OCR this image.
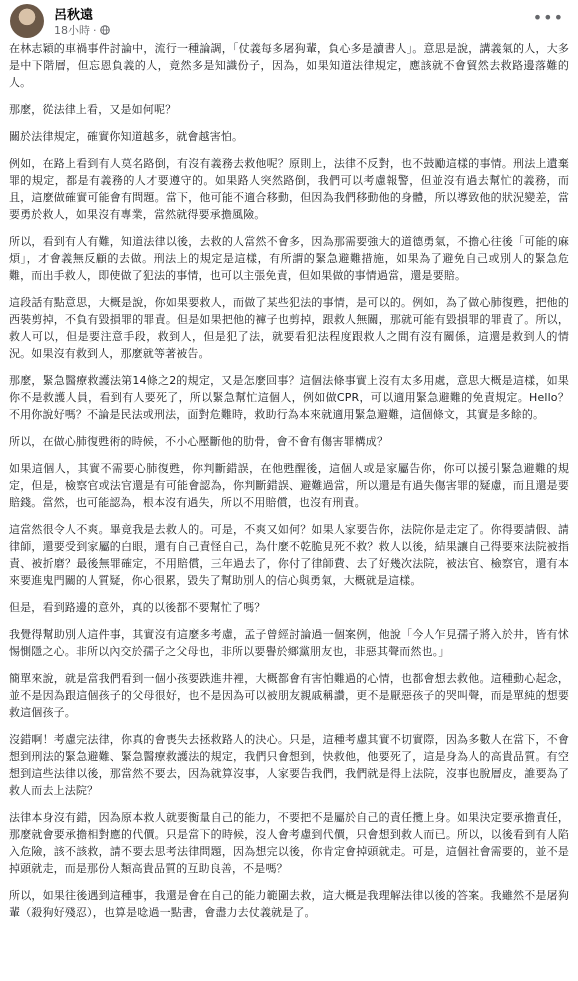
呂秋遠
18小時 ·
•••

在林志穎的車禍事件討論中，流行一種論調，「仗義每多屠狗輩，負心多是讀書人」。意思是說，講義氣的人，大多是中下階層，但忘恩負義的人，竟然多是知識份子，因為，如果知道法律規定，應該就不會貿然去救路邊落難的人。

那麼，從法律上看，又是如何呢？

關於法律規定，確實你知道越多，就會越害怕。

例如，在路上看到有人莫名路倒，有沒有義務去救他呢？原則上，法律不反對，也不鼓勵這樣的事情。刑法上遺棄罪的規定，都是有義務的人才要遵守的。如果路人突然路倒，我們可以考慮報警，但並沒有過去幫忙的義務，而且，這麼做確實可能會有問題。當下，他可能不適合移動，但因為我們移動他的身體，所以導致他的狀況變差，當要勇於救人，如果沒有專業，當然就得要承擔風險。

所以，看到有人有難，知道法律以後，去救的人當然不會多，因為那需要強大的道德勇氣，不擔心往後「可能的麻煩」，才會義無反顧的去做。刑法上的規定是這樣，有所謂的緊急避難措施，如果為了避免自己或別人的緊急危難，而出手救人，即使做了犯法的事情，也可以主張免責，但如果做的事情過當，還是要賠。

這段話有點意思，大概是說，你如果要救人，而做了某些犯法的事情，是可以的。例如，為了做心肺復甦，把他的西裝剪掉，不負有毀損罪的罪責。但是如果把他的褲子也剪掉，跟救人無關，那就可能有毀損罪的罪責了。所以，救人可以，但是要注意手段，救到人，但是犯了法，就要看犯法程度跟救人之間有沒有關係，這還是救到人的情況。如果沒有救到人，那麼就等著被告。

那麼，緊急醫療救護法第14條之2的規定，又是怎麼回事？這個法條事實上沒有太多用處，意思大概是這樣，如果你不是救護人員，看到有人要死了，所以緊急幫忙這個人，例如做CPR，可以適用緊急避難的免責規定。Hello？不用你說好嗎？不論是民法或刑法，面對危難時，救助行為本來就適用緊急避難，這個條文，其實是多餘的。

所以，在做心肺復甦術的時候，不小心壓斷他的肋骨，會不會有傷害罪構成？

如果這個人，其實不需要心肺復甦，你判斷錯誤，在他甦醒後，這個人或是家屬告你，你可以援引緊急避難的規定，但是，檢察官或法官還是有可能會認為，你判斷錯誤、避難過當，所以還是有過失傷害罪的疑慮，而且還是要賠錢。當然，也可能認為，根本沒有過失，所以不用賠償，也沒有刑責。

這當然很令人不爽。畢竟我是去救人的。可是，不爽又如何？如果人家要告你，法院你是走定了。你得要請假、請律師，還要受到家屬的白眼，還有自己責怪自己，為什麼不乾脆見死不救？救人以後，結果讓自己得要來法院被指責、被折磨？最後無罪確定，不用賠償，三年過去了，你付了律師費、去了好幾次法院，被法官、檢察官，還有本來要進鬼門關的人質疑，你心很累，毀失了幫助別人的信心與勇氣，大概就是這樣。

但是，看到路邊的意外，真的以後都不要幫忙了嗎？

我覺得幫助別人這件事，其實沒有這麼多考慮，孟子曾經討論過一個案例，他說「今人乍見孺子將入於井，皆有怵惕惻隱之心。非所以內交於孺子之父母也，非所以要譽於鄉黨朋友也，非惡其聲而然也。」

簡單來說，就是當我們看到一個小孩要跌進井裡，大概都會有害怕難過的心情，也都會想去救他。這種動心起念，並不是因為跟這個孩子的父母很好，也不是因為可以被朋友親戚稱讚，更不是厭惡孩子的哭叫聲，而是單純的想要救這個孩子。

沒錯啊！考慮完法律，你真的會喪失去拯救路人的決心。只是，這種考慮其實不切實際，因為多數人在當下，不會想到刑法的緊急避難、緊急醫療救護法的規定，我們只會想到，快救他，他要死了，這是身為人的高貴品質。有空想到這些法律以後，那當然不要去，因為就算沒事，人家要告我們，我們就是得上法院，沒事也脫層皮，誰要為了救人而去上法院？

法律本身沒有錯，因為原本救人就要衡量自己的能力，不要把不是屬於自己的責任攬上身。如果決定要承擔責任，那麼就會要承擔相對應的代價。只是當下的時候，沒人會考慮到代價，只會想到救人而已。所以，以後看到有人陷入危險，該不該救，請不要去思考法律問題，因為想完以後，你肯定會掉頭就走。可是，這個社會需要的，並不是掉頭就走，而是那份人類高貴品質的互助良善，不是嗎？

所以，如果往後遇到這種事，我還是會在自己的能力範圍去救，這大概是我理解法律以後的答案。我雖然不是屠狗輩（殺狗好殘忍），也算是唸過一點書，會盡力去仗義就是了。
